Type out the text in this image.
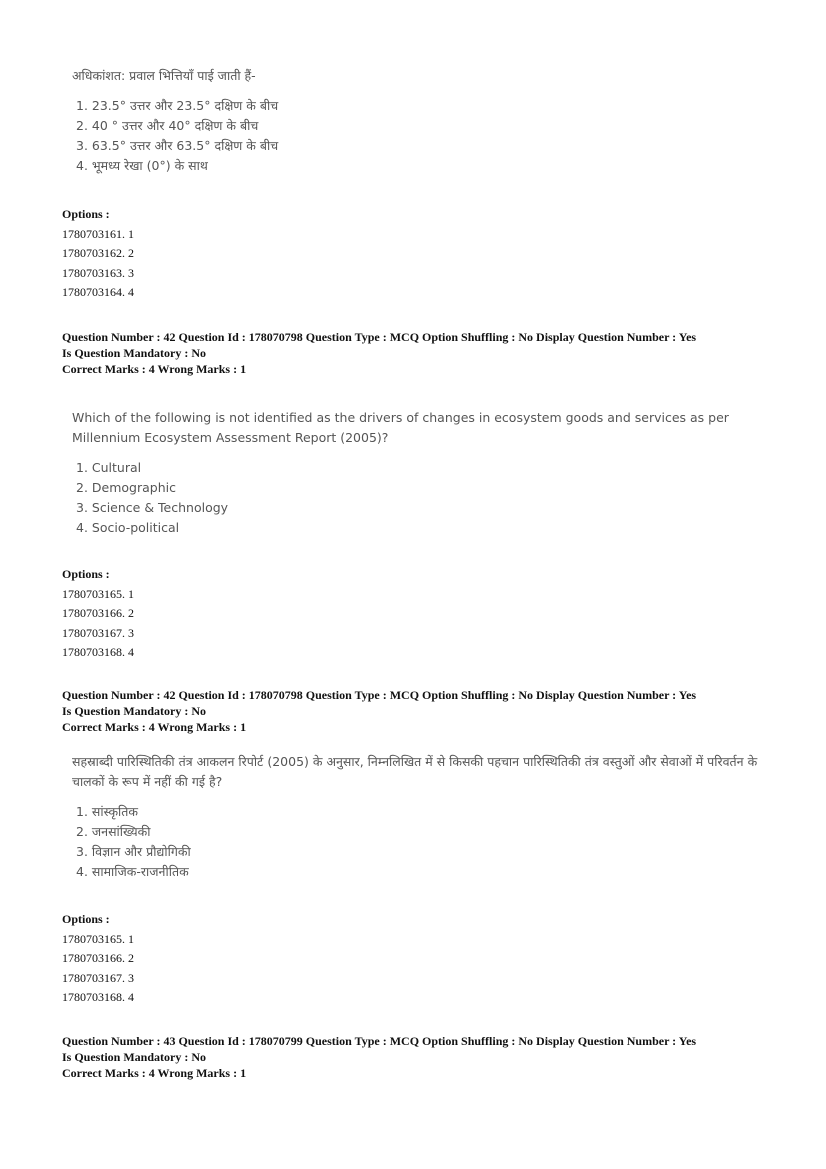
अधिकांशत: प्रवाल भित्तियाँ पाई जाती हैं-
1. 23.5° उत्तर और 23.5° दक्षिण के बीच
2. 40 ° उत्तर और 40° दक्षिण के बीच
3. 63.5° उत्तर और 63.5° दक्षिण के बीच
4. भूमध्य रेखा (0°) के साथ
Options :
1780703161. 1
1780703162. 2
1780703163. 3
1780703164. 4
Question Number : 42 Question Id : 178070798 Question Type : MCQ Option Shuffling : No Display Question Number : Yes
Is Question Mandatory : No
Correct Marks : 4 Wrong Marks : 1
Which of the following is not identified as the drivers of changes in ecosystem goods and services as per Millennium Ecosystem Assessment Report (2005)?
1. Cultural
2. Demographic
3. Science & Technology
4. Socio-political
Options :
1780703165. 1
1780703166. 2
1780703167. 3
1780703168. 4
Question Number : 42 Question Id : 178070798 Question Type : MCQ Option Shuffling : No Display Question Number : Yes
Is Question Mandatory : No
Correct Marks : 4 Wrong Marks : 1
सहस्राब्दी पारिस्थितिकी तंत्र आकलन रिपोर्ट (2005) के अनुसार, निम्नलिखित में से किसकी पहचान पारिस्थितिकी तंत्र वस्तुओं और सेवाओं में परिवर्तन के चालकों के रूप में नहीं की गई है?
1. सांस्कृतिक
2. जनसांख्यिकी
3. विज्ञान और प्रौद्योगिकी
4. सामाजिक-राजनीतिक
Options :
1780703165. 1
1780703166. 2
1780703167. 3
1780703168. 4
Question Number : 43 Question Id : 178070799 Question Type : MCQ Option Shuffling : No Display Question Number : Yes
Is Question Mandatory : No
Correct Marks : 4 Wrong Marks : 1
